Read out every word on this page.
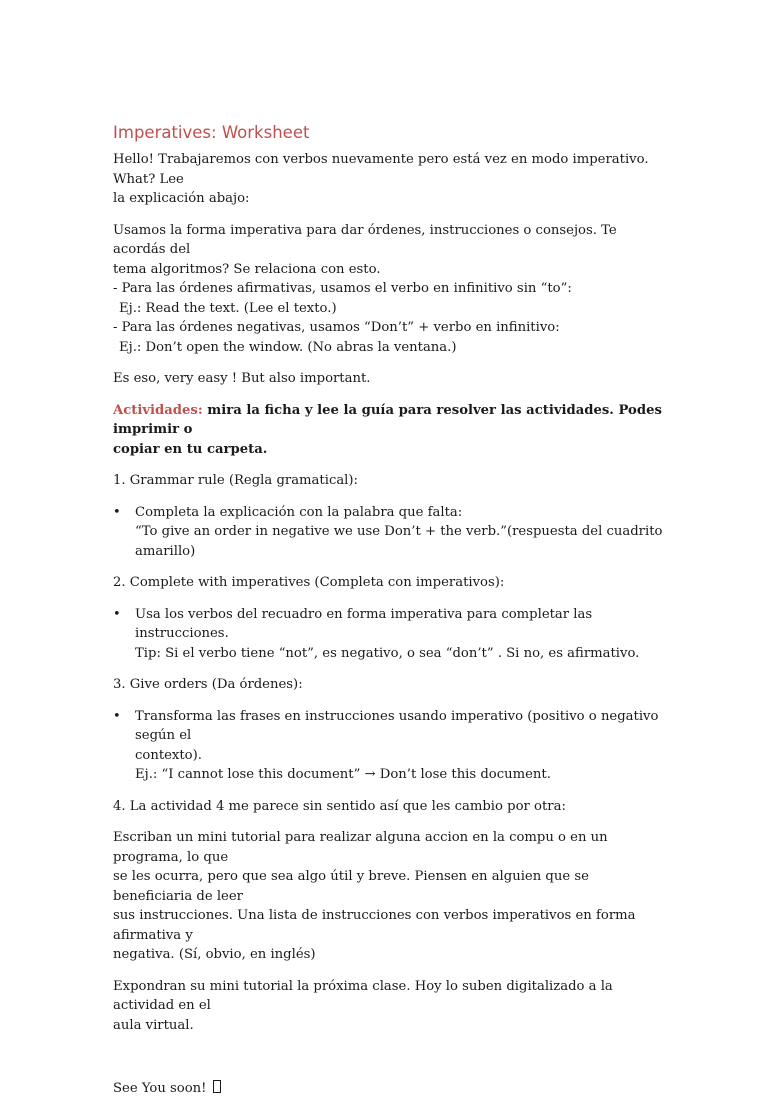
Imperatives: Worksheet

Hello! Trabajaremos con verbos nuevamente pero está vez en modo imperativo. What? Lee
la explicación abajo:

Usamos la forma imperativa para dar órdenes, instrucciones o consejos. Te acordás del
tema algoritmos? Se relaciona con esto.
- Para las órdenes afirmativas, usamos el verbo en infinitivo sin “to”:
Ej.: Read the text. (Lee el texto.)
- Para las órdenes negativas, usamos “Don’t” + verbo en infinitivo:
Ej.: Don’t open the window. (No abras la ventana.)

Es eso, very easy ! But also important.

Actividades: mira la ficha y lee la guía para resolver las actividades. Podes imprimir o
copiar en tu carpeta.

1. Grammar rule (Regla gramatical):

• Completa la explicación con la palabra que falta:
“To give an order in negative we use Don’t + the verb.”(respuesta del cuadrito amarillo)

2. Complete with imperatives (Completa con imperativos):

• Usa los verbos del recuadro en forma imperativa para completar las instrucciones.
Tip: Si el verbo tiene “not”, es negativo, o sea “don’t” . Si no, es afirmativo.

3. Give orders (Da órdenes):

• Transforma las frases en instrucciones usando imperativo (positivo o negativo según el
contexto).
Ej.: “I cannot lose this document” → Don’t lose this document.

4. La actividad 4 me parece sin sentido así que les cambio por otra:

Escriban un mini tutorial para realizar alguna accion en la compu o en un programa, lo que
se les ocurra, pero que sea algo útil y breve. Piensen en alguien que se beneficiaria de leer
sus instrucciones. Una lista de instrucciones con verbos imperativos en forma afirmativa y
negativa. (Sí, obvio, en inglés)

Expondran su mini tutorial la próxima clase. Hoy lo suben digitalizado a la actividad en el
aula virtual.

See You soon!
